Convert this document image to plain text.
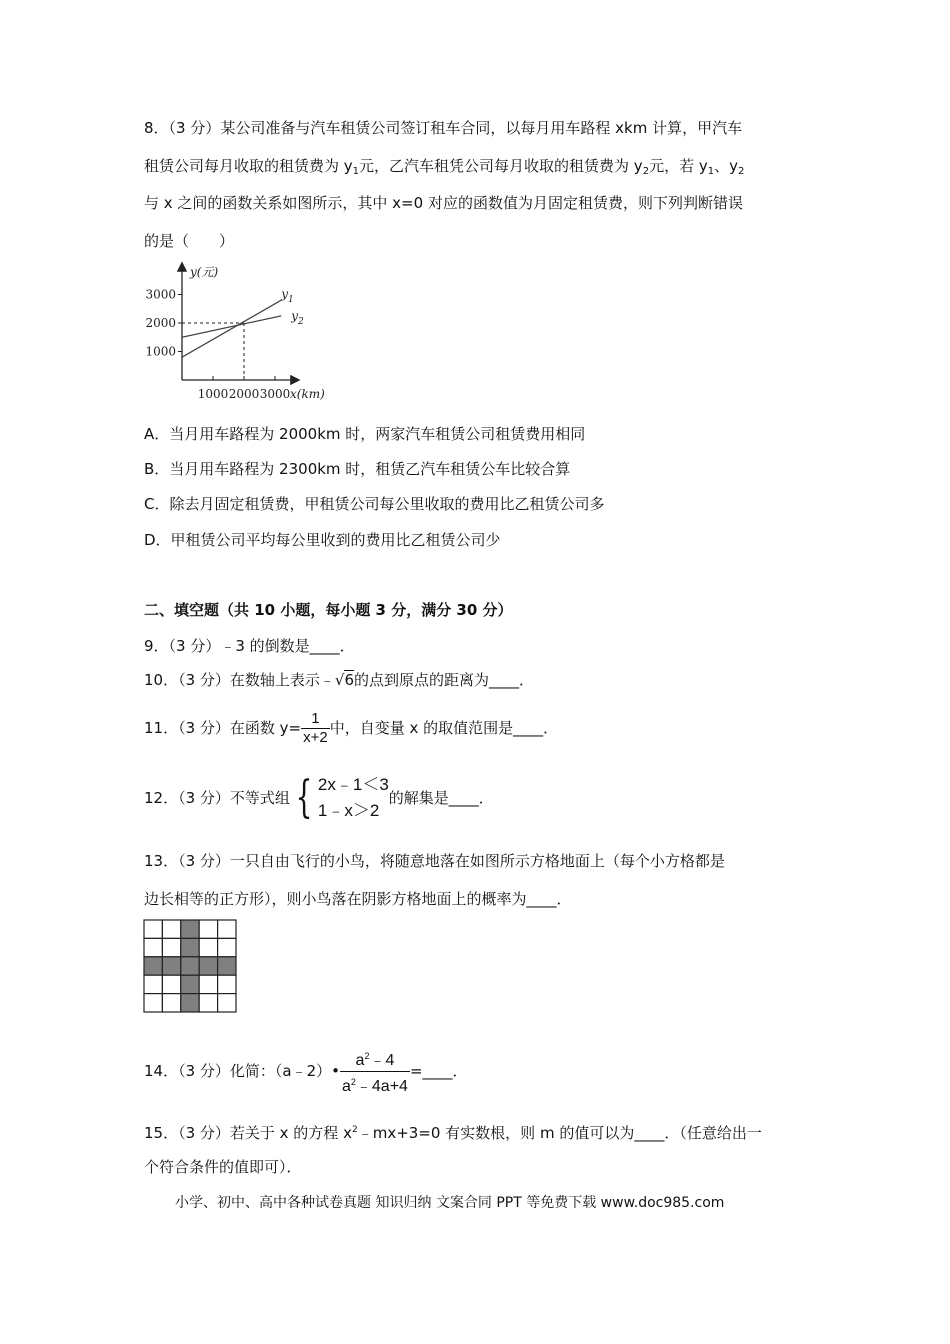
8．（3 分）某公司准备与汽车租赁公司签订租车合同，以每月用车路程 xkm 计算，甲汽车
租赁公司每月收取的租赁费为 $y_1$元，乙汽车租凭公司每月收取的租赁费为 $y_2$元，若 $y_1$、$y_2$
与 x 之间的函数关系如图所示，其中 x=0 对应的函数值为月固定租赁费，则下列判断错误
的是（　　）
3000
2000
1000
1000 2000 3000
y(元)
x(km)
$y_1$
$y_2$
A．当月用车路程为 2000km 时，两家汽车租赁公司租赁费用相同
B．当月用车路程为 2300km 时，租赁乙汽车租赁公车比较合算
C．除去月固定租赁费，甲租赁公司每公里收取的费用比乙租赁公司多
D．甲租赁公司平均每公里收到的费用比乙租赁公司少
二、填空题（共 10 小题，每小题 3 分，满分 30 分）
9．（3 分）﹣3 的倒数是____．
10．（3 分）在数轴上表示﹣√6的点到原点的距离为____．
11．（3 分）在函数 $y= \frac{1}{x+2}$ 中，自变量 x 的取值范围是____．
12．（3 分）不等式组 { 2x﹣1＜3
1﹣x＞2
的解集是____．
13．（3 分）一只自由飞行的小鸟，将随意地落在如图所示方格地面上（每个小方格都是
边长相等的正方形），则小鸟落在阴影方格地面上的概率为____．
14．（3 分）化简：（a﹣2）• $\frac{a^2﹣4}{a^2﹣4a+4}$ =____．
15．（3 分）若关于 x 的方程 $x^2﹣mx+3=0$ 有实数根，则 m 的值可以为____．（任意给出一
个符合条件的值即可）．
小学、初中、高中各种试卷真题 知识归纳 文案合同 PPT 等免费下载 www.doc985.com
